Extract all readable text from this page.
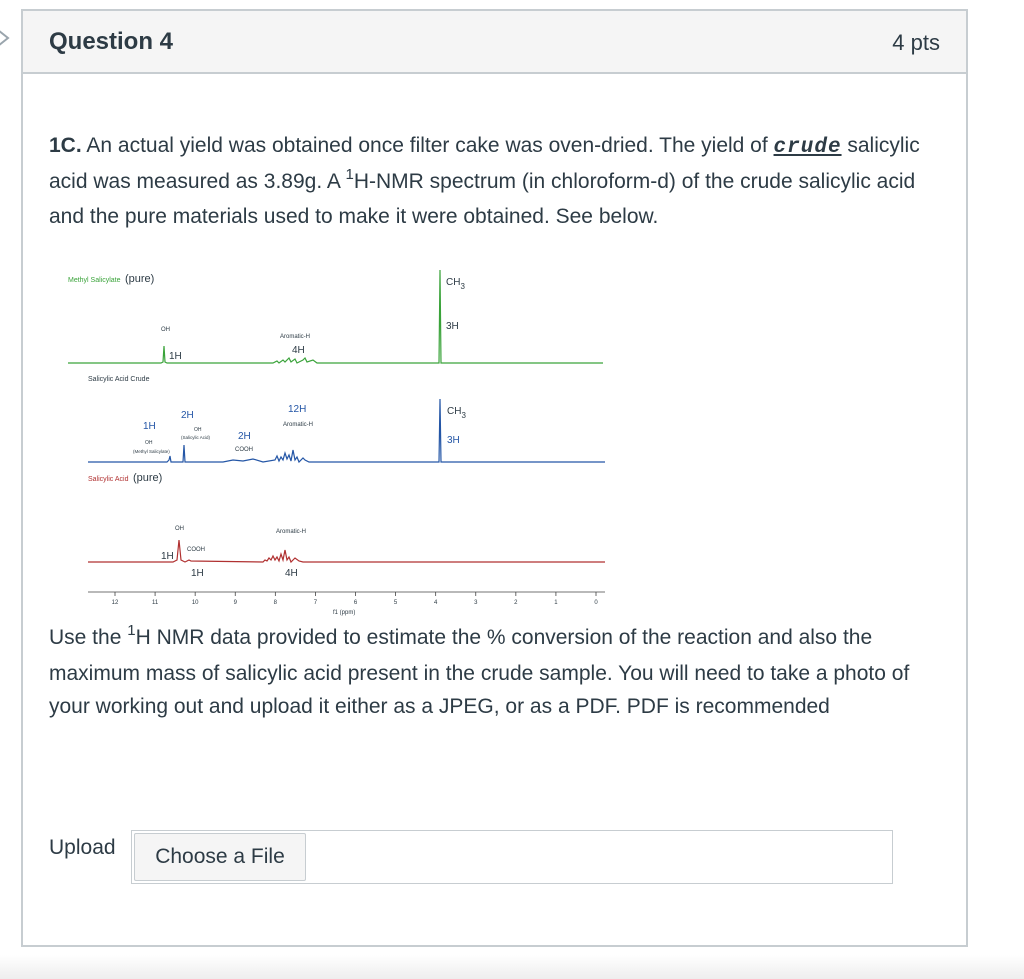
Question 4	4 pts
1C. An actual yield was obtained once filter cake was oven-dried. The yield of crude salicylic acid was measured as 3.89g. A $^1$H-NMR spectrum (in chloroform-d) of the crude salicylic acid and the pure materials used to make it were obtained. See below.
Methyl Salicylate (pure)
OH
1H
Aromatic-H
4H
$CH_3$
3H
Salicylic Acid Crude
1H
OH
(Methyl Salicylate)
2H
OH
(Salicylic Acid)	2H
COOH
12H
Aromatic-H
$CH_3$
3H
Salicylic Acid (pure)
OH
1H
COOH
1H
Aromatic-H
4H
12	11	10	9	8	7	6	5	4	3	2	1	0
f1 (ppm)
Use the $^1$H NMR data provided to estimate the % conversion of the reaction and also the maximum mass of salicylic acid present in the crude sample. You will need to take a photo of your working out and upload it either as a JPEG, or as a PDF. PDF is recommended
Upload	Choose a File
